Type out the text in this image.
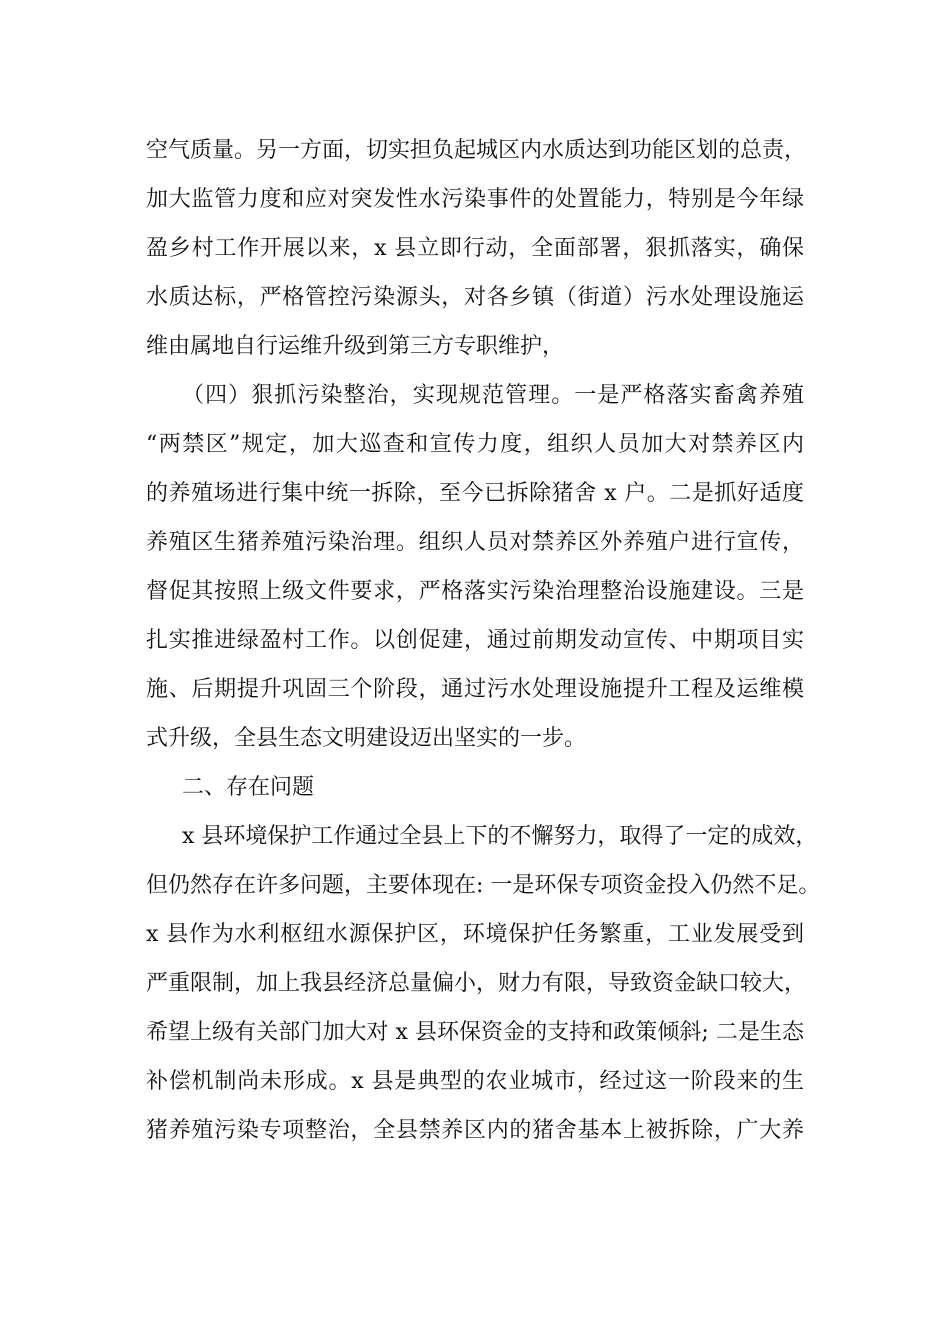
空气质量。另一方面，切实担负起城区内水质达到功能区划的总责，
加大监管力度和应对突发性水污染事件的处置能力，特别是今年绿
盈乡村工作开展以来，x 县立即行动，全面部署，狠抓落实，确保
水质达标，严格管控污染源头，对各乡镇（街道）污水处理设施运
维由属地自行运维升级到第三方专职维护，
（四）狠抓污染整治，实现规范管理。一是严格落实畜禽养殖
“两禁区”规定，加大巡查和宣传力度，组织人员加大对禁养区内
的养殖场进行集中统一拆除，至今已拆除猪舍 x 户。二是抓好适度
养殖区生猪养殖污染治理。组织人员对禁养区外养殖户进行宣传，
督促其按照上级文件要求，严格落实污染治理整治设施建设。三是
扎实推进绿盈村工作。以创促建，通过前期发动宣传、中期项目实
施、后期提升巩固三个阶段，通过污水处理设施提升工程及运维模
式升级，全县生态文明建设迈出坚实的一步。
二、存在问题
x 县环境保护工作通过全县上下的不懈努力，取得了一定的成效，
但仍然存在许多问题，主要体现在: 一是环保专项资金投入仍然不足。
x 县作为水利枢纽水源保护区，环境保护任务繁重，工业发展受到
严重限制，加上我县经济总量偏小，财力有限，导致资金缺口较大，
希望上级有关部门加大对 x 县环保资金的支持和政策倾斜; 二是生态
补偿机制尚未形成。x 县是典型的农业城市，经过这一阶段来的生
猪养殖污染专项整治，全县禁养区内的猪舍基本上被拆除，广大养
